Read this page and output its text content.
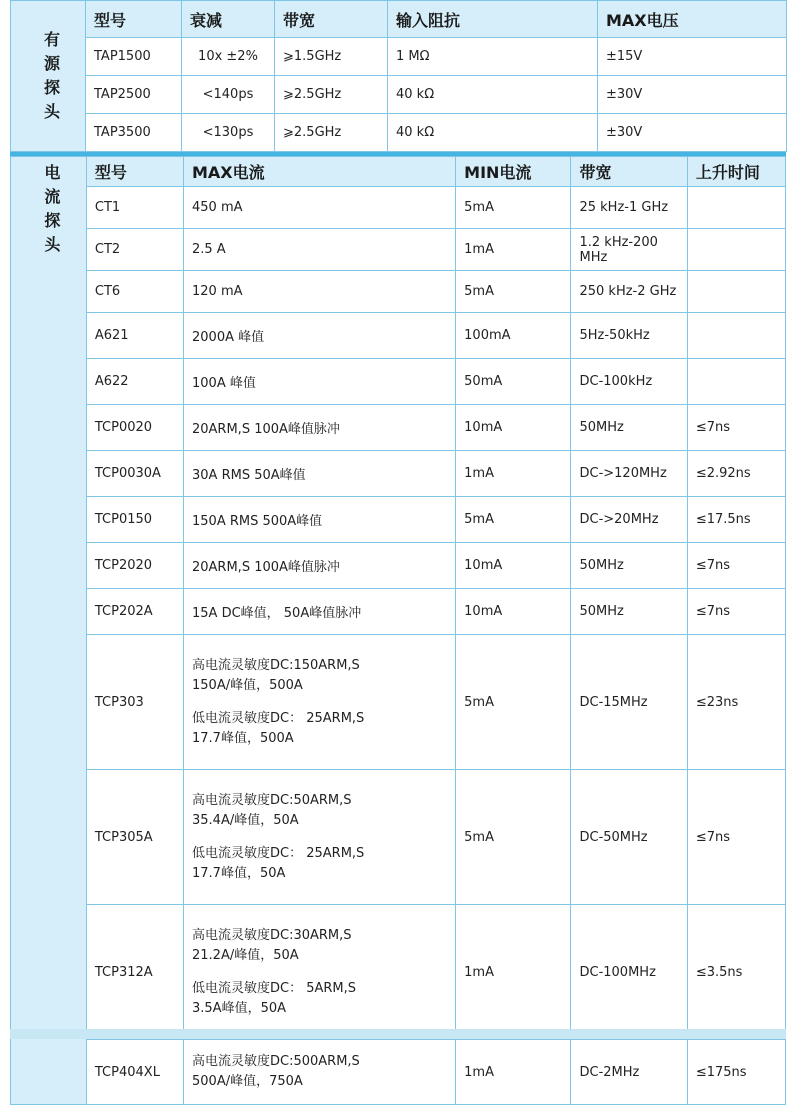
有
源
探
头	型号	衰减	带宽	输入阻抗	MAX电压
	TAP1500	10x ±2%	⩾1.5GHz	1 MΩ	±15V
	TAP2500	<140ps	⩾2.5GHz	40 kΩ	±30V
	TAP3500	<130ps	⩾2.5GHz	40 kΩ	±30V
电
流
探
头	型号	MAX电流	MIN电流	带宽	上升时间
	CT1	450 mA	5mA	25 kHz-1 GHz	
	CT2	2.5 A	1mA	1.2 kHz-200 MHz	
	CT6	120 mA	5mA	250 kHz-2 GHz	
	A621	2000A 峰值	100mA	5Hz-50kHz	
	A622	100A 峰值	50mA	DC-100kHz	
	TCP0020	20ARM,S 100A峰值脉冲	10mA	50MHz	≤7ns
	TCP0030A	30A RMS 50A峰值	1mA	DC->120MHz	≤2.92ns
	TCP0150	150A RMS 500A峰值	5mA	DC->20MHz	≤17.5ns
	TCP2020	20ARM,S 100A峰值脉冲	10mA	50MHz	≤7ns
	TCP202A	15A DC峰值， 50A峰值脉冲	10mA	50MHz	≤7ns
	TCP303	高电流灵敏度DC:150ARM,S

150A/峰值，500A

低电流灵敏度DC： 25ARM,S

17.7峰值，500A	5mA	DC-15MHz	≤23ns
	TCP305A	高电流灵敏度DC:50ARM,S

35.4A/峰值，50A

低电流灵敏度DC： 25ARM,S

17.7峰值，50A	5mA	DC-50MHz	≤7ns
	TCP312A	高电流灵敏度DC:30ARM,S

21.2A/峰值，50A

低电流灵敏度DC： 5ARM,S

3.5A峰值，50A	1mA	DC-100MHz	≤3.5ns
	TCP404XL	高电流灵敏度DC:500ARM,S

500A/峰值，750A	1mA	DC-2MHz	≤175ns
